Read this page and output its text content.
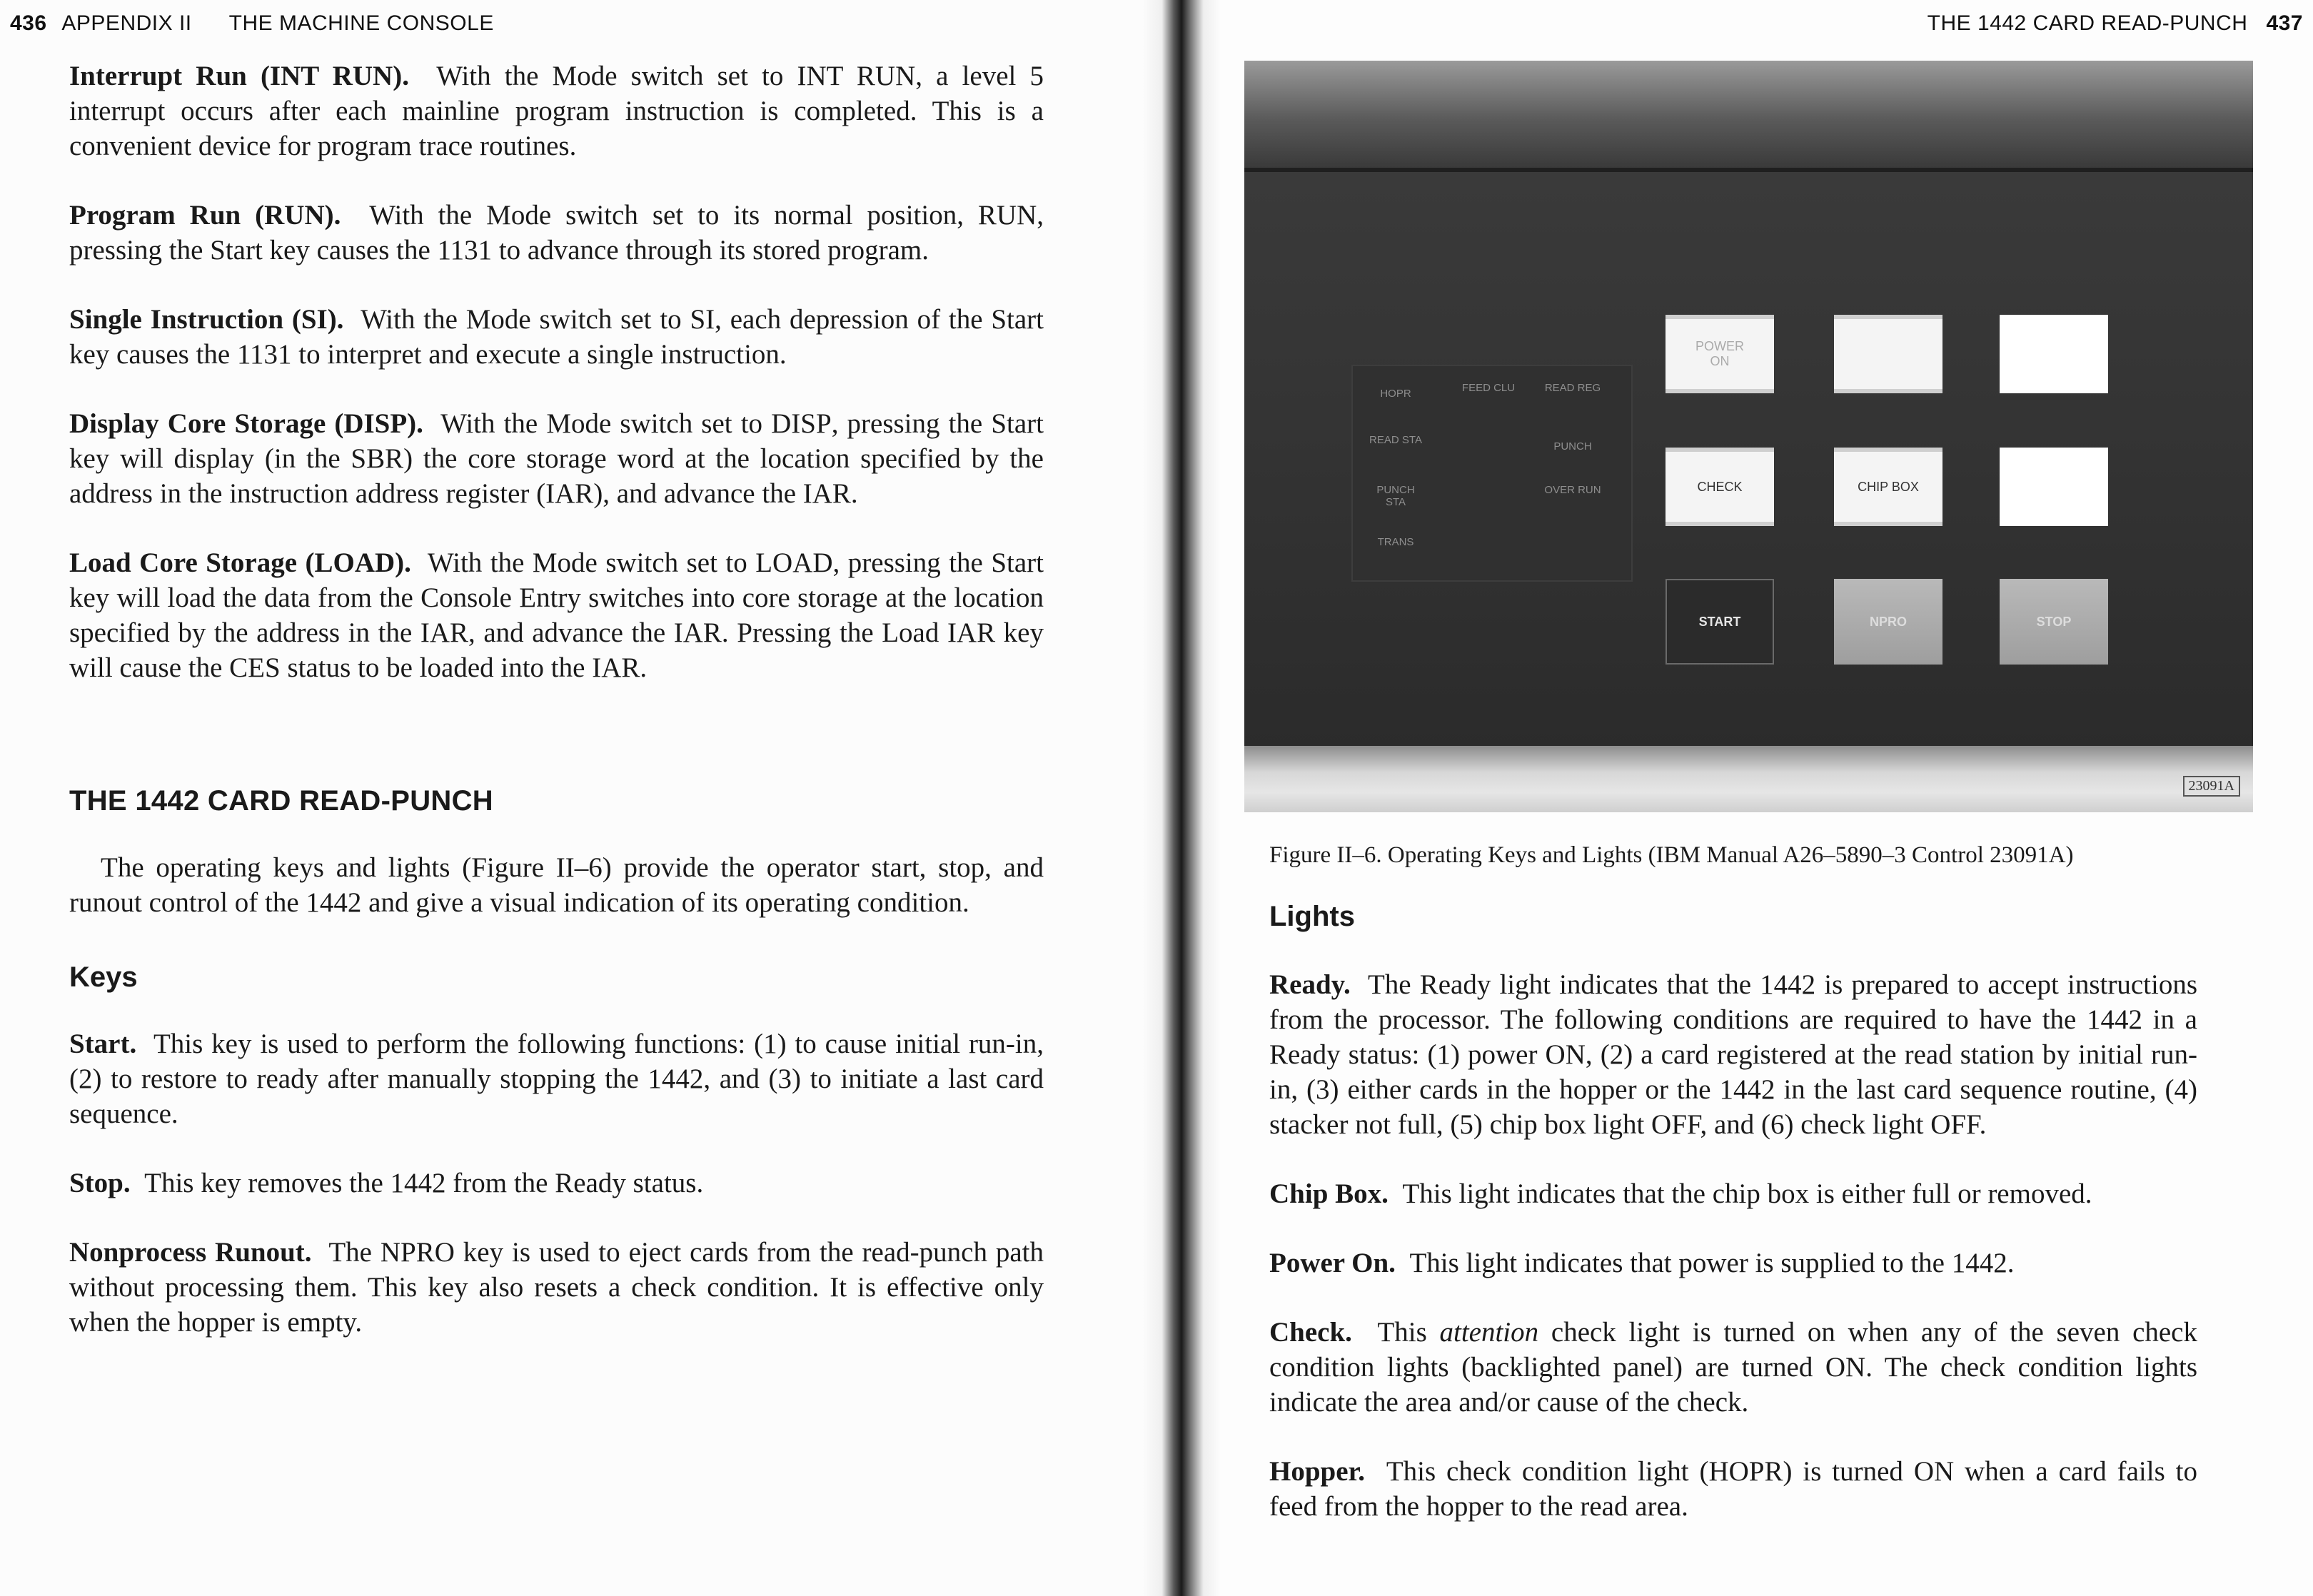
436 APPENDIX II THE MACHINE CONSOLE

Interrupt Run (INT RUN). With the Mode switch set to INT RUN, a level 5 interrupt occurs after each mainline program instruction is completed. This is a convenient device for program trace routines.

Program Run (RUN). With the Mode switch set to its normal position, RUN, pressing the Start key causes the 1131 to advance through its stored program.

Single Instruction (SI). With the Mode switch set to SI, each depression of the Start key causes the 1131 to interpret and execute a single instruction.

Display Core Storage (DISP). With the Mode switch set to DISP, pressing the Start key will display (in the SBR) the core storage word at the location specified by the address in the instruction address register (IAR), and advance the IAR.

Load Core Storage (LOAD). With the Mode switch set to LOAD, pressing the Start key will load the data from the Console Entry switches into core storage at the location specified by the address in the IAR, and advance the IAR. Pressing the Load IAR key will cause the CES status to be loaded into the IAR.

THE 1442 CARD READ-PUNCH

The operating keys and lights (Figure II–6) provide the operator start, stop, and runout control of the 1442 and give a visual indication of its operating condition.

Keys

Start. This key is used to perform the following functions: (1) to cause initial run-in, (2) to restore to ready after manually stopping the 1442, and (3) to initiate a last card sequence.

Stop. This key removes the 1442 from the Ready status.

Nonprocess Runout. The NPRO key is used to eject cards from the read-punch path without processing them. This key also resets a check condition. It is effective only when the hopper is empty.

THE 1442 CARD READ-PUNCH 437
HOPR	FEED CLU	READ REG
READ STA
PUNCH
PUNCH STA
OVER RUN
TRANS
POWER ON
CHECK	CHIP BOX
START	NPRO	STOP
23091A
Figure II–6. Operating Keys and Lights (IBM Manual A26–5890–3 Control 23091A)
Lights

Ready. The Ready light indicates that the 1442 is prepared to accept instructions from the processor. The following conditions are required to have the 1442 in a Ready status: (1) power ON, (2) a card registered at the read station by initial run-in, (3) either cards in the hopper or the 1442 in the last card sequence routine, (4) stacker not full, (5) chip box light OFF, and (6) check light OFF.

Chip Box. This light indicates that the chip box is either full or removed.

Power On. This light indicates that power is supplied to the 1442.

Check. This attention check light is turned on when any of the seven check condition lights (backlighted panel) are turned ON. The check condition lights indicate the area and/or cause of the check.

Hopper. This check condition light (HOPR) is turned ON when a card fails to feed from the hopper to the read area.
